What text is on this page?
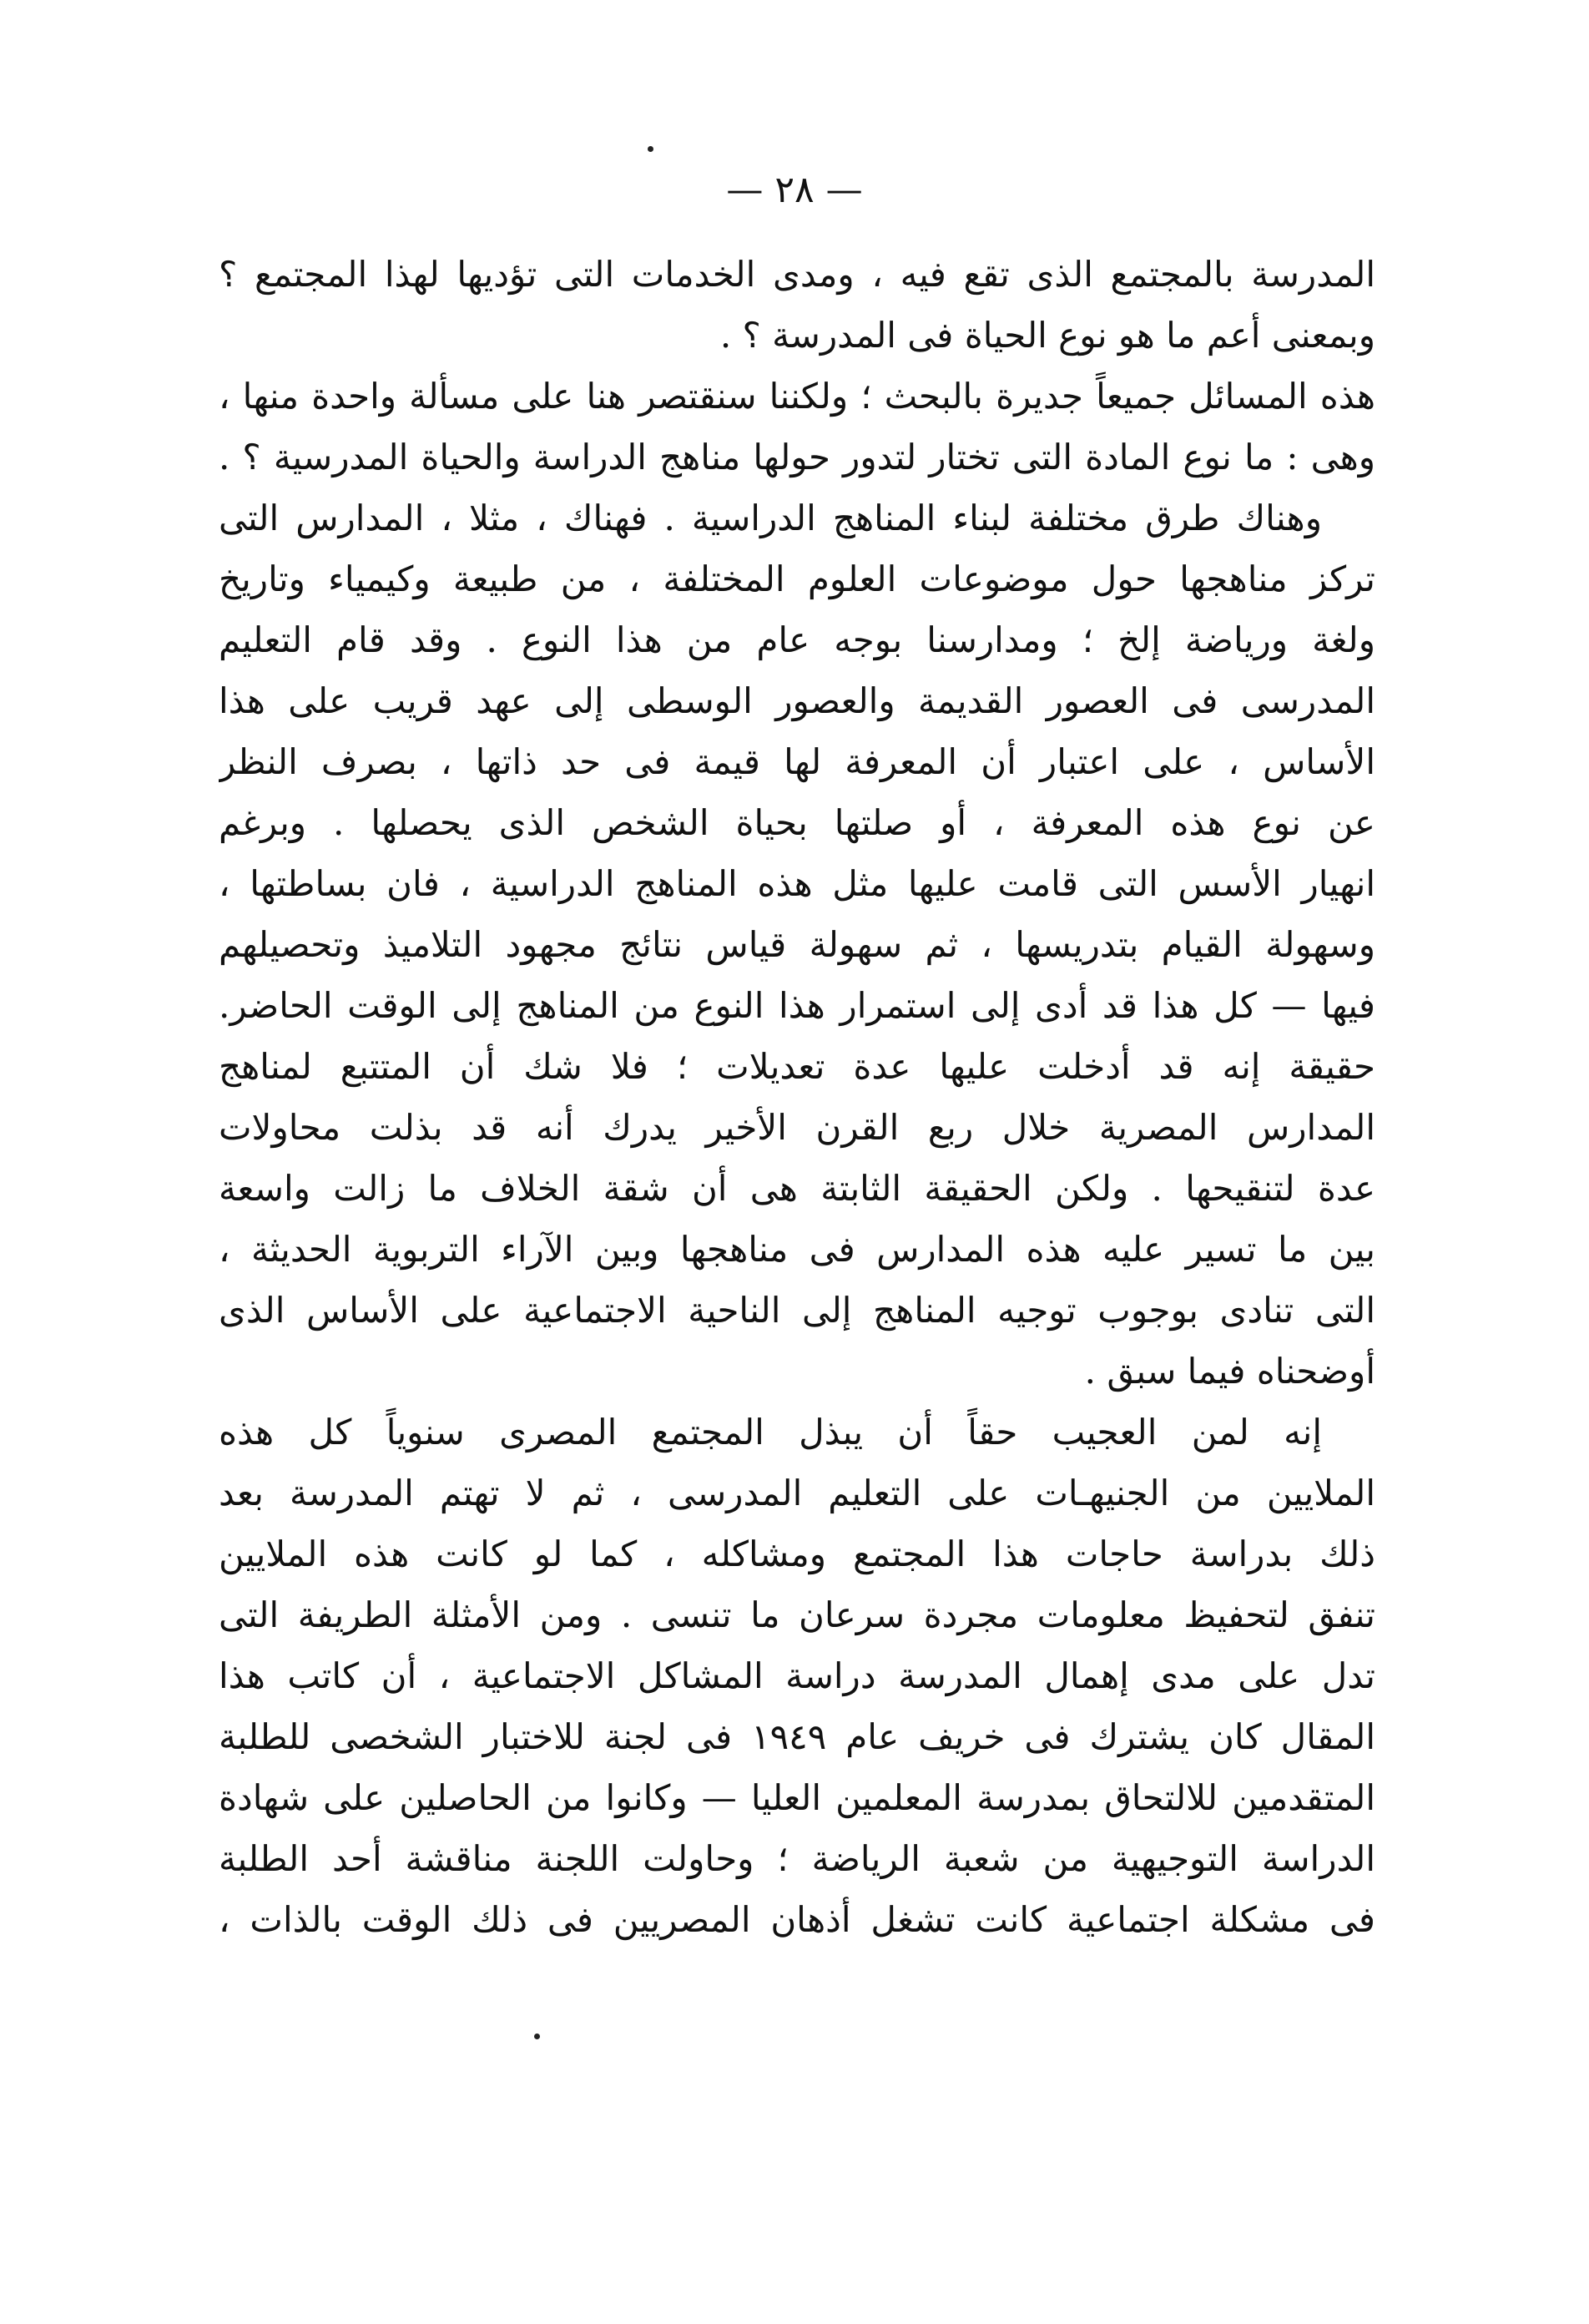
— ٢٨ —
المدرسة بالمجتمع الذى تقع فيه ، ومدى الخدمات التى تؤديها لهذا المجتمع ؟
وبمعنى أعم ما هو نوع الحياة فى المدرسة ؟ .
هذه المسائل جميعاً جديرة بالبحث ؛ ولكننا سنقتصر هنا على مسألة واحدة منها ،
وهى : ما نوع المادة التى تختار لتدور حولها مناهج الدراسة والحياة المدرسية ؟ .
وهناك طرق مختلفة لبناء المناهج الدراسية . فهناك ، مثلا ، المدارس التى
تركز مناهجها حول موضوعات العلوم المختلفة ، من طبيعة وكيمياء وتاريخ
ولغة ورياضة إلخ ؛ ومدارسنا بوجه عام من هذا النوع . وقد قام التعليم
المدرسى فى العصور القديمة والعصور الوسطى إلى عهد قريب على هذا
الأساس ، على اعتبار أن المعرفة لها قيمة فى حد ذاتها ، بصرف النظر
عن نوع هذه المعرفة ، أو صلتها بحياة الشخص الذى يحصلها . وبرغم
انهيار الأسس التى قامت عليها مثل هذه المناهج الدراسية ، فان بساطتها ،
وسهولة القيام بتدريسها ، ثم سهولة قياس نتائج مجهود التلاميذ وتحصيلهم
فيها — كل هذا قد أدى إلى استمرار هذا النوع من المناهج إلى الوقت الحاضر.
حقيقة إنه قد أدخلت عليها عدة تعديلات ؛ فلا شك أن المتتبع لمناهج
المدارس المصرية خلال ربع القرن الأخير يدرك أنه قد بذلت محاولات
عدة لتنقيحها . ولكن الحقيقة الثابتة هى أن شقة الخلاف ما زالت واسعة
بين ما تسير عليه هذه المدارس فى مناهجها وبين الآراء التربوية الحديثة ،
التى تنادى بوجوب توجيه المناهج إلى الناحية الاجتماعية على الأساس الذى
أوضحناه فيما سبق .
إنه لمن العجيب حقاً أن يبذل المجتمع المصرى سنوياً كل هذه
الملايين من الجنيهـات على التعليم المدرسى ، ثم لا تهتم المدرسة بعد
ذلك بدراسة حاجات هذا المجتمع ومشاكله ، كما لو كانت هذه الملايين
تنفق لتحفيظ معلومات مجردة سرعان ما تنسى . ومن الأمثلة الطريفة التى
تدل على مدى إهمال المدرسة دراسة المشاكل الاجتماعية ، أن كاتب هذا
المقال كان يشترك فى خريف عام ١٩٤٩ فى لجنة للاختبار الشخصى للطلبة
المتقدمين للالتحاق بمدرسة المعلمين العليا — وكانوا من الحاصلين على شهادة
الدراسة التوجيهية من شعبة الرياضة ؛ وحاولت اللجنة مناقشة أحد الطلبة
فى مشكلة اجتماعية كانت تشغل أذهان المصريين فى ذلك الوقت بالذات ،
